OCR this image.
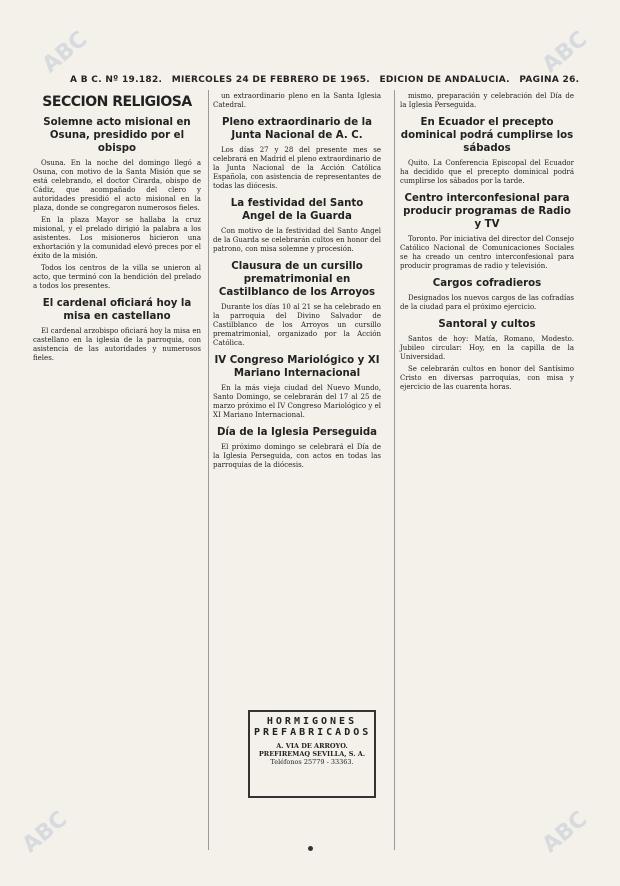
ABC	ABC
ABC	ABC
A B C. Nº 19.182. MIERCOLES 24 DE FEBRERO DE 1965. EDICION DE ANDALUCIA. PAGINA 26.
SECCION RELIGIOSA
Solemne acto misional en Osuna, presidido por el obispo

Osuna. En la noche del domingo llegó a Osuna, con motivo de la Santa Misión que se está celebrando, el doctor Cirarda, obispo de Cádiz, que acompañado del clero y autoridades presidió el acto misional en la plaza, donde se congregaron numerosos fieles.

En la plaza Mayor se hallaba la cruz misional, y el prelado dirigió la palabra a los asistentes. Los misioneros hicieron una exhortación y la comunidad elevó preces por el éxito de la misión.

Todos los centros de la villa se unieron al acto, que terminó con la bendición del prelado a todos los presentes.

El cardenal oficiará hoy la misa en castellano

El cardenal arzobispo oficiará hoy la misa en castellano en la iglesia de la parroquia, con asistencia de las autoridades y numerosos fieles.

un extraordinario pleno en la Santa Iglesia Catedral.

Pleno extraordinario de la Junta Nacional de A. C.

Los días 27 y 28 del presente mes se celebrará en Madrid el pleno extraordinario de la Junta Nacional de la Acción Católica Española, con asistencia de representantes de todas las diócesis.

La festividad del Santo Angel de la Guarda

Con motivo de la festividad del Santo Angel de la Guarda se celebrarán cultos en honor del patrono, con misa solemne y procesión.

Clausura de un cursillo prematrimonial en Castilblanco de los Arroyos

Durante los días 10 al 21 se ha celebrado en la parroquia del Divino Salvador de Castilblanco de los Arroyos un cursillo prematrimonial, organizado por la Acción Católica.

IV Congreso Mariológico y XI Mariano Internacional

En la más vieja ciudad del Nuevo Mundo, Santo Domingo, se celebrarán del 17 al 25 de marzo próximo el IV Congreso Mariológico y el XI Mariano Internacional.

Día de la Iglesia Perseguida

El próximo domingo se celebrará el Día de la Iglesia Perseguida, con actos en todas las parroquias de la diócesis.

mismo, preparación y celebración del Día de la Iglesia Perseguida.

En Ecuador el precepto dominical podrá cumplirse los sábados

Quito. La Conferencia Episcopal del Ecuador ha decidido que el precepto dominical podrá cumplirse los sábados por la tarde.

Centro interconfesional para producir programas de Radio y TV

Toronto. Por iniciativa del director del Consejo Católico Nacional de Comunicaciones Sociales se ha creado un centro interconfesional para producir programas de radio y televisión.

Cargos cofradieros

Designados los nuevos cargos de las cofradías de la ciudad para el próximo ejercicio.

Santoral y cultos

Santos de hoy: Matía, Romano, Modesto. Jubileo circular: Hoy, en la capilla de la Universidad.

Se celebrarán cultos en honor del Santísimo Cristo en diversas parroquias, con misa y ejercicio de las cuarenta horas.

HORMIGONES
PREFABRICADOS
A. VIA DE ARROYO.
PREFIREMAQ SEVILLA, S. A.
Teléfonos 25779 - 33363.
